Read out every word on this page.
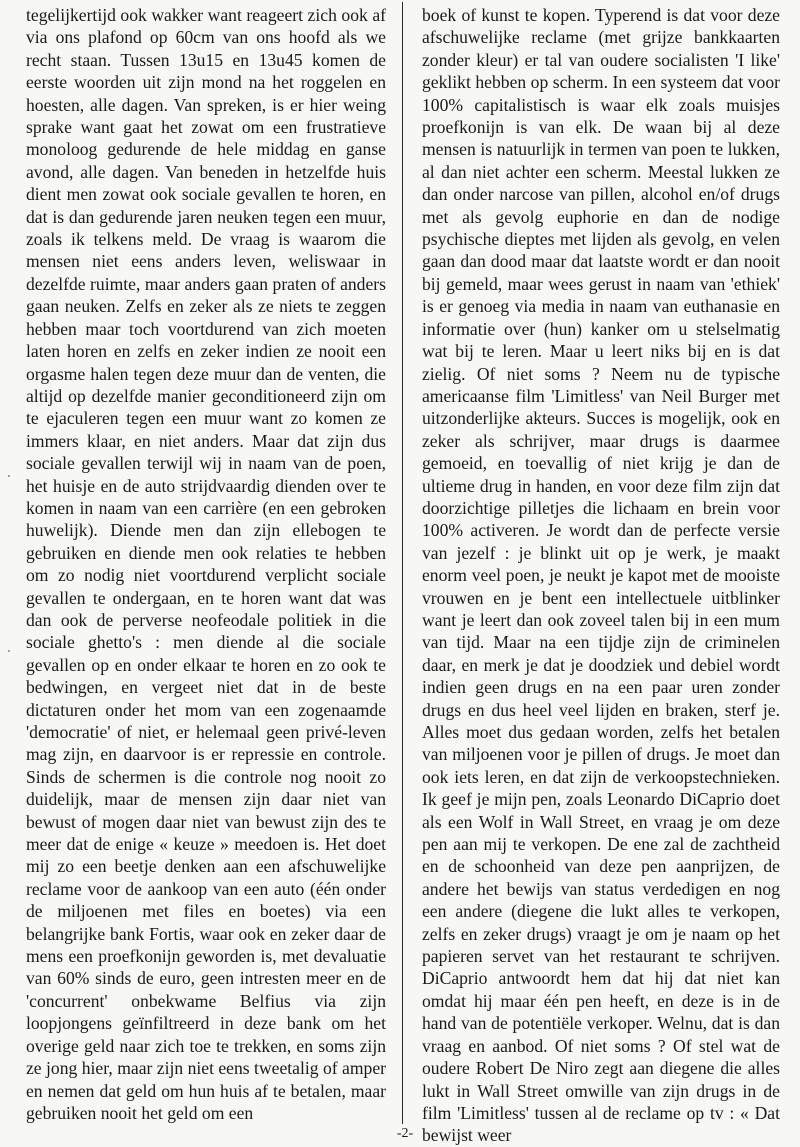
tegelijkertijd ook wakker want reageert zich ook af via ons plafond op 60cm van ons hoofd als we recht staan. Tussen 13u15 en 13u45 komen de eerste woorden uit zijn mond na het roggelen en hoesten, alle dagen. Van spreken, is er hier weing sprake want gaat het zowat om een frustratieve monoloog gedurende de hele middag en ganse avond, alle dagen. Van beneden in hetzelfde huis dient men zowat ook sociale gevallen te horen, en dat is dan gedurende jaren neuken tegen een muur, zoals ik telkens meld. De vraag is waarom die mensen niet eens anders leven, weliswaar in dezelfde ruimte, maar anders gaan praten of anders gaan neuken. Zelfs en zeker als ze niets te zeggen hebben maar toch voortdurend van zich moeten laten horen en zelfs en zeker indien ze nooit een orgasme halen tegen deze muur dan de venten, die altijd op dezelfde manier geconditioneerd zijn om te ejaculeren tegen een muur want zo komen ze immers klaar, en niet anders. Maar dat zijn dus sociale gevallen terwijl wij in naam van de poen, het huisje en de auto strijdvaardig dienden over te komen in naam van een carrière (en een gebroken huwelijk). Diende men dan zijn ellebogen te gebruiken en diende men ook relaties te hebben om zo nodig niet voortdurend verplicht sociale gevallen te ondergaan, en te horen want dat was dan ook de perverse neofeodale politiek in die sociale ghetto's : men diende al die sociale gevallen op en onder elkaar te horen en zo ook te bedwingen, en vergeet niet dat in de beste dictaturen onder het mom van een zogenaamde 'democratie' of niet, er helemaal geen privé-leven mag zijn, en daarvoor is er repressie en controle. Sinds de schermen is die controle nog nooit zo duidelijk, maar de mensen zijn daar niet van bewust of mogen daar niet van bewust zijn des te meer dat de enige « keuze » meedoen is. Het doet mij zo een beetje denken aan een afschuwelijke reclame voor de aankoop van een auto (één onder de miljoenen met files en boetes) via een belangrijke bank Fortis, waar ook en zeker daar de mens een proefkonijn geworden is, met devaluatie van 60% sinds de euro, geen intresten meer en de 'concurrent' onbekwame Belfius via zijn loopjongens geïnfiltreerd in deze bank om het overige geld naar zich toe te trekken, en soms zijn ze jong hier, maar zijn niet eens tweetalig of amper en nemen dat geld om hun huis af te betalen, maar gebruiken nooit het geld om een

boek of kunst te kopen. Typerend is dat voor deze afschuwelijke reclame (met grijze bankkaarten zonder kleur) er tal van oudere socialisten 'I like' geklikt hebben op scherm. In een systeem dat voor 100% capitalistisch is waar elk zoals muisjes proefkonijn is van elk. De waan bij al deze mensen is natuurlijk in termen van poen te lukken, al dan niet achter een scherm. Meestal lukken ze dan onder narcose van pillen, alcohol en/of drugs met als gevolg euphorie en dan de nodige psychische dieptes met lijden als gevolg, en velen gaan dan dood maar dat laatste wordt er dan nooit bij gemeld, maar wees gerust in naam van 'ethiek' is er genoeg via media in naam van euthanasie en informatie over (hun) kanker om u stelselmatig wat bij te leren. Maar u leert niks bij en is dat zielig. Of niet soms ? Neem nu de typische americaanse film 'Limitless' van Neil Burger met uitzonderlijke akteurs. Succes is mogelijk, ook en zeker als schrijver, maar drugs is daarmee gemoeid, en toevallig of niet krijg je dan de ultieme drug in handen, en voor deze film zijn dat doorzichtige pilletjes die lichaam en brein voor 100% activeren. Je wordt dan de perfecte versie van jezelf : je blinkt uit op je werk, je maakt enorm veel poen, je neukt je kapot met de mooiste vrouwen en je bent een intellectuele uitblinker want je leert dan ook zoveel talen bij in een mum van tijd. Maar na een tijdje zijn de criminelen daar, en merk je dat je doodziek und debiel wordt indien geen drugs en na een paar uren zonder drugs en dus heel veel lijden en braken, sterf je. Alles moet dus gedaan worden, zelfs het betalen van miljoenen voor je pillen of drugs. Je moet dan ook iets leren, en dat zijn de verkoopstechnieken. Ik geef je mijn pen, zoals Leonardo DiCaprio doet als een Wolf in Wall Street, en vraag je om deze pen aan mij te verkopen. De ene zal de zachtheid en de schoonheid van deze pen aanprijzen, de andere het bewijs van status verdedigen en nog een andere (diegene die lukt alles te verkopen, zelfs en zeker drugs) vraagt je om je naam op het papieren servet van het restaurant te schrijven. DiCaprio antwoordt hem dat hij dat niet kan omdat hij maar één pen heeft, en deze is in de hand van de potentiële verkoper. Welnu, dat is dan vraag en aanbod. Of niet soms ? Of stel wat de oudere Robert De Niro zegt aan diegene die alles lukt in Wall Street omwille van zijn drugs in de film 'Limitless' tussen al de reclame op tv : « Dat bewijst weer

-2-
